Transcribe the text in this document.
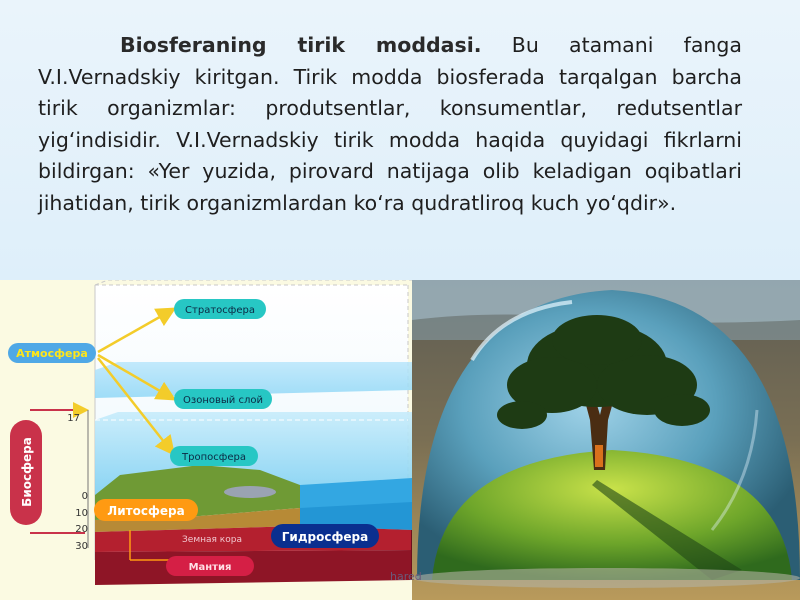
Biosferaning tirik moddasi. Bu atamani fanga V.I.Vernadskiy kiritgan. Tirik modda biosferada tarqalgan barcha tirik organizmlar: produtsentlar, konsumentlar, redutsentlar yig‘indisidir. V.I.Vernadskiy tirik modda haqida quyidagi fikrlarni bildirgan: «Yer yuzida, pirovard natijaga olib keladigan oqibatlari jihatidan, tirik organizmlardan ko‘ra qudratliroq kuch yo‘qdir».

Стратосфера
Озоновый слой
Тропосфера
Атмосфера
Биосфера
17
0
10
20
30
Литосфера
Гидросфера
Земная кора
Мантия
hared
